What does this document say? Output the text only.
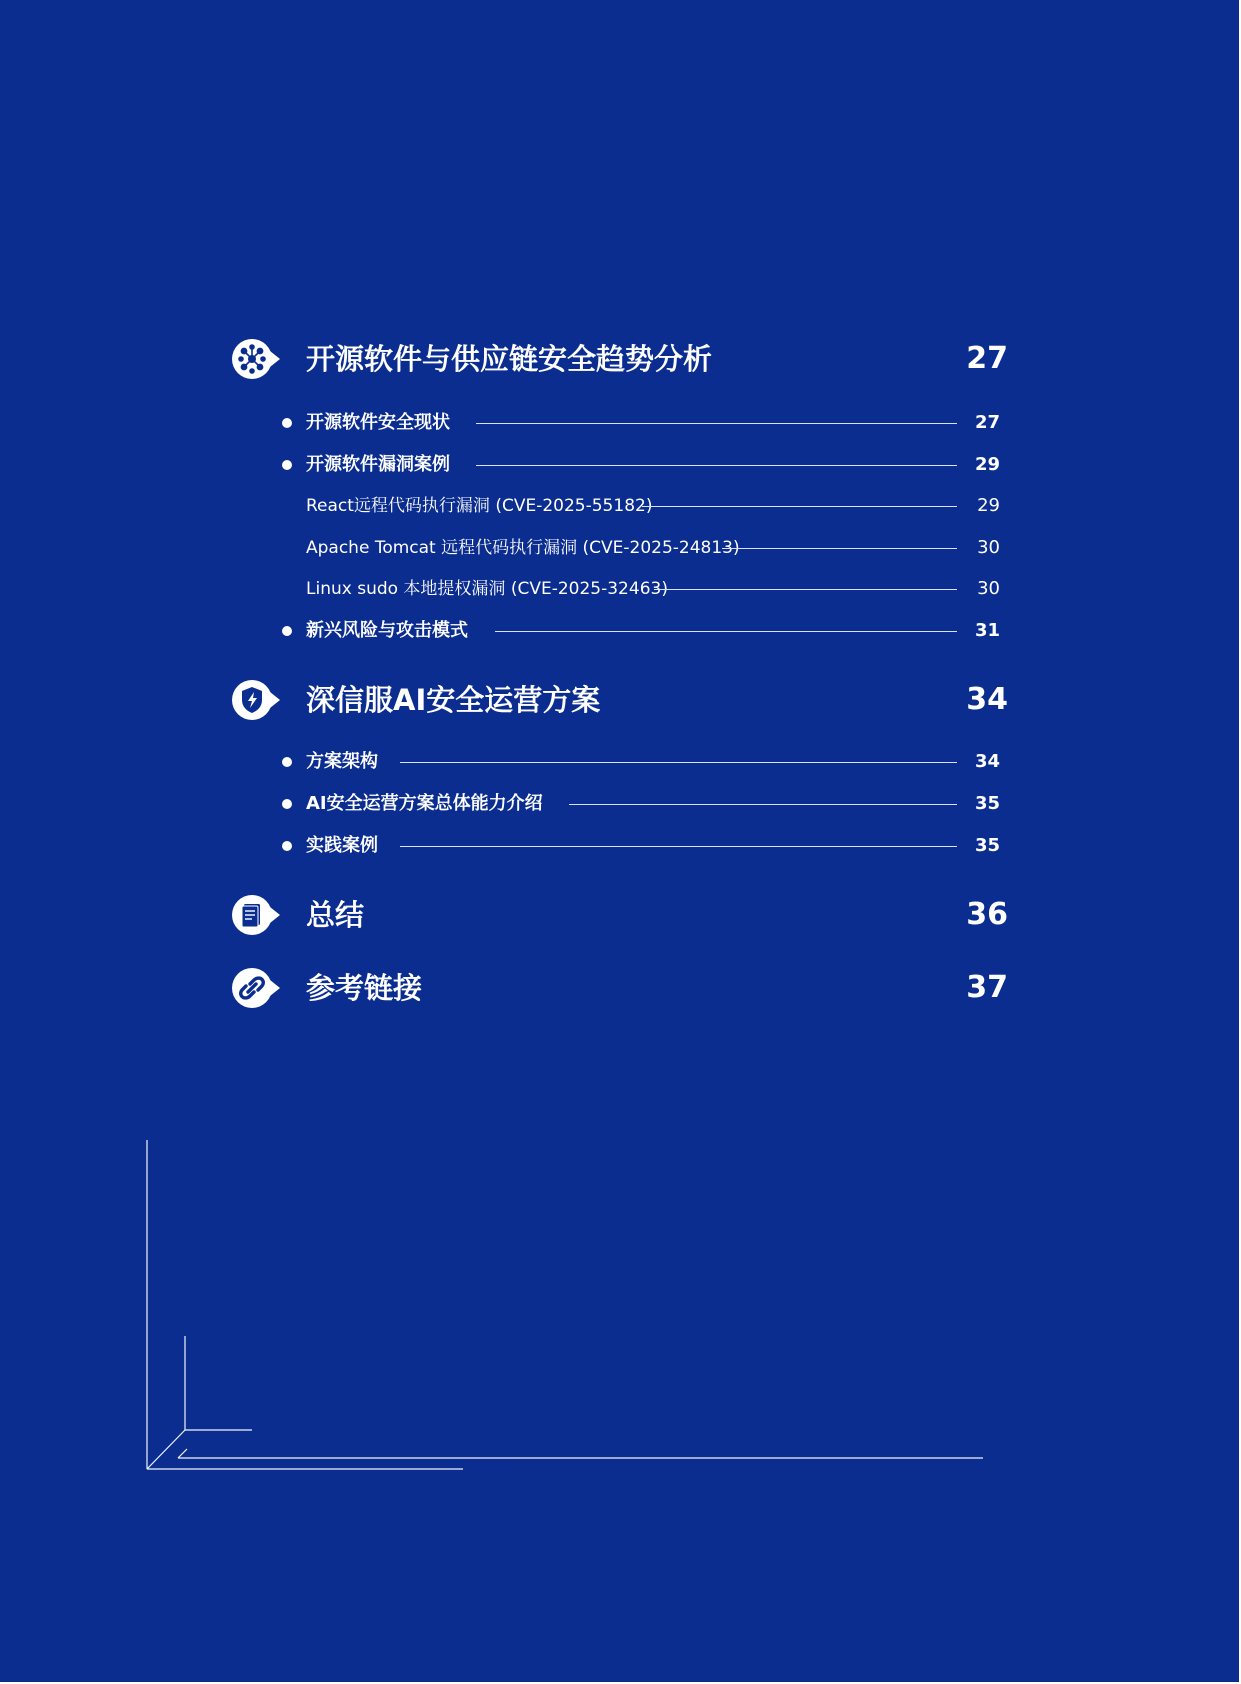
开源软件与供应链安全趋势分析	27
开源软件安全现状	27
开源软件漏洞案例	29
React远程代码执行漏洞 (CVE-2025-55182)	29
Apache Tomcat 远程代码执行漏洞 (CVE-2025-24813)	30
Linux sudo 本地提权漏洞 (CVE-2025-32463)	30
新兴风险与攻击模式	31
深信服AI安全运营方案	34
方案架构	34
AI安全运营方案总体能力介绍	35
实践案例	35
总结	36
参考链接	37
